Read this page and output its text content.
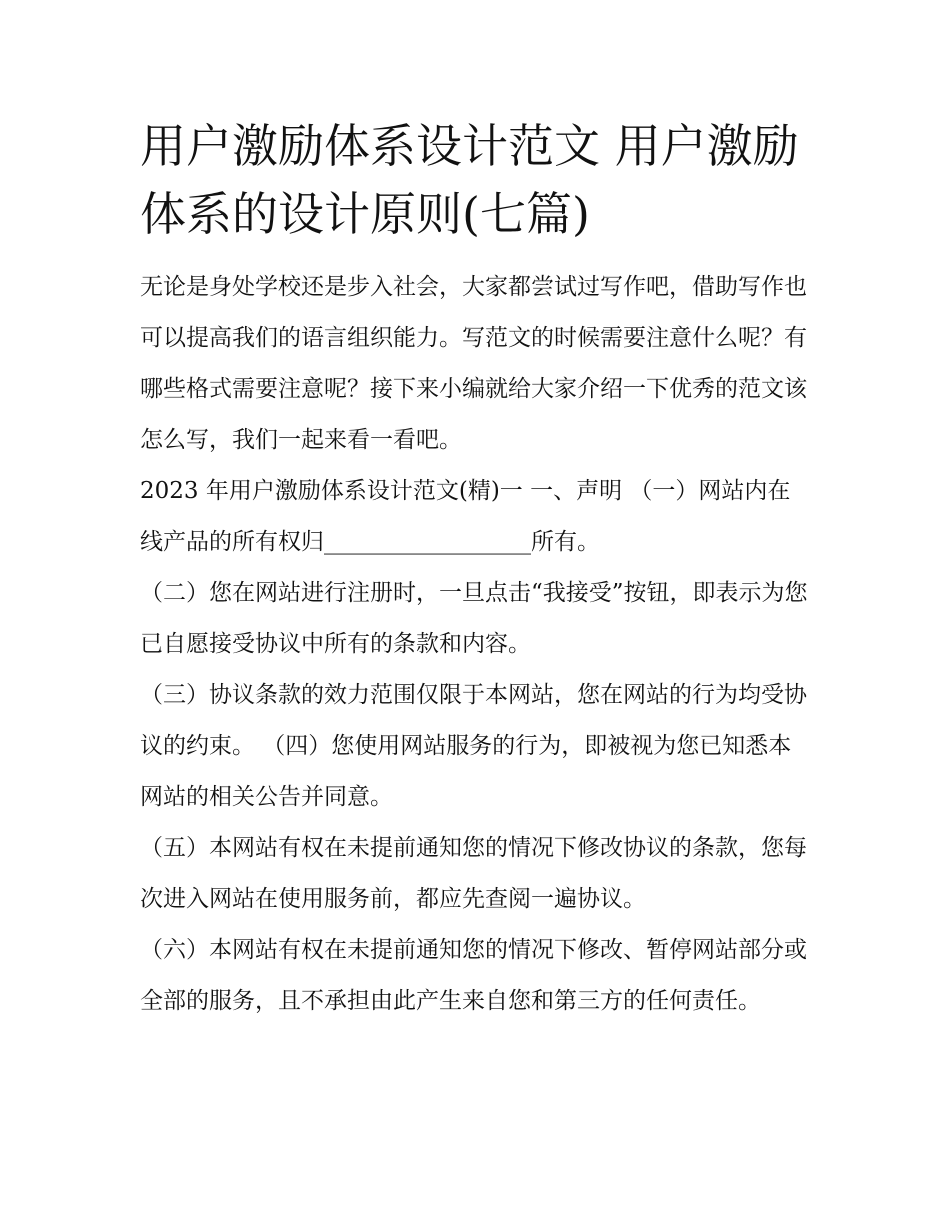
用户激励体系设计范文 用户激励体系的设计原则(七篇)

无论是身处学校还是步入社会，大家都尝试过写作吧，借助写作也可以提高我们的语言组织能力。写范文的时候需要注意什么呢？有哪些格式需要注意呢？接下来小编就给大家介绍一下优秀的范文该怎么写，我们一起来看一看吧。

2023 年用户激励体系设计范文(精)一 一、声明 （一）网站内在线产品的所有权归__________________所有。

（二）您在网站进行注册时，一旦点击“我接受”按钮，即表示为您已自愿接受协议中所有的条款和内容。

（三）协议条款的效力范围仅限于本网站，您在网站的行为均受协议的约束。 （四）您使用网站服务的行为，即被视为您已知悉本网站的相关公告并同意。

（五）本网站有权在未提前通知您的情况下修改协议的条款，您每次进入网站在使用服务前，都应先查阅一遍协议。

（六）本网站有权在未提前通知您的情况下修改、暂停网站部分或全部的服务，且不承担由此产生来自您和第三方的任何责任。
